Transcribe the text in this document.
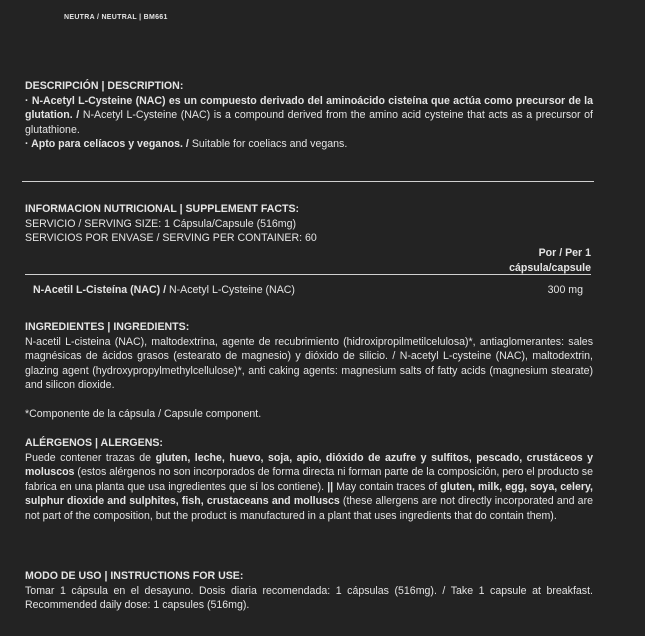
NEUTRA / NEUTRAL | BM661
DESCRIPCIÓN | DESCRIPTION:
· N-Acetyl L-Cysteine (NAC) es un compuesto derivado del aminoácido cisteína que actúa como precursor de la glutation. / N-Acetyl L-Cysteine (NAC) is a compound derived from the amino acid cysteine that acts as a precursor of glutathione.
· Apto para celíacos y veganos. / Suitable for coeliacs and vegans.
INFORMACION NUTRICIONAL | SUPPLEMENT FACTS:
SERVICIO / SERVING SIZE: 1 Cápsula/Capsule (516mg)
SERVICIOS POR ENVASE / SERVING PER CONTAINER: 60
Por / Per 1
cápsula/capsule
N-Acetil L-Cisteína (NAC) / N-Acetyl L-Cysteine (NAC)	300 mg
INGREDIENTES | INGREDIENTS:
N-acetil L-cisteina (NAC), maltodextrina, agente de recubrimiento (hidroxipropilmetilcelulosa)*, antiaglomerantes: sales magnésicas de ácidos grasos (estearato de magnesio) y dióxido de silicio. / N-acetyl L-cysteine (NAC), maltodextrin, glazing agent (hydroxypropylmethylcellulose)*, anti caking agents: magnesium salts of fatty acids (magnesium stearate) and silicon dioxide.
*Componente de la cápsula / Capsule component.
ALÉRGENOS | ALERGENS:
Puede contener trazas de gluten, leche, huevo, soja, apio, dióxido de azufre y sulfitos, pescado, crustáceos y moluscos (estos alérgenos no son incorporados de forma directa ni forman parte de la composición, pero el producto se fabrica en una planta que usa ingredientes que sí los contiene). || May contain traces of gluten, milk, egg, soya, celery, sulphur dioxide and sulphites, fish, crustaceans and molluscs (these allergens are not directly incorporated and are not part of the composition, but the product is manufactured in a plant that uses ingredients that do contain them).
MODO DE USO | INSTRUCTIONS FOR USE:
Tomar 1 cápsula en el desayuno. Dosis diaria recomendada: 1 cápsulas (516mg). / Take 1 capsule at breakfast. Recommended daily dose: 1 capsules (516mg).
